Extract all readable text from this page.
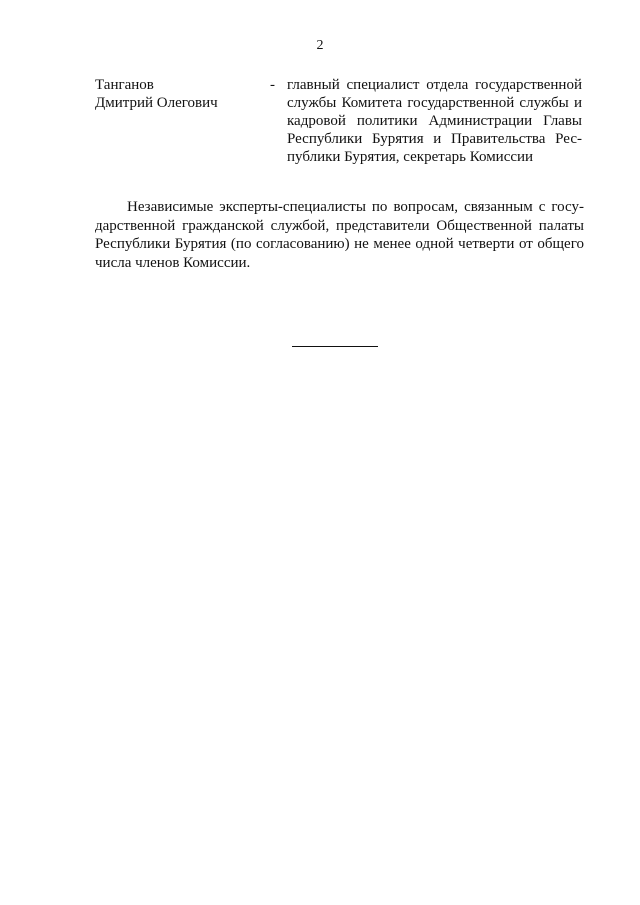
2
Танганов
Дмитрий Олегович
- главный специалист отдела государственной
службы Комитета государственной службы и
кадровой политики Администрации Главы
Республики Бурятия и Правительства Рес-
публики Бурятия, секретарь Комиссии
Независимые эксперты-специалисты по вопросам, связанным с госу-
дарственной гражданской службой, представители Общественной палаты
Республики Бурятия (по согласованию) не менее одной четверти от общего
числа членов Комиссии.
